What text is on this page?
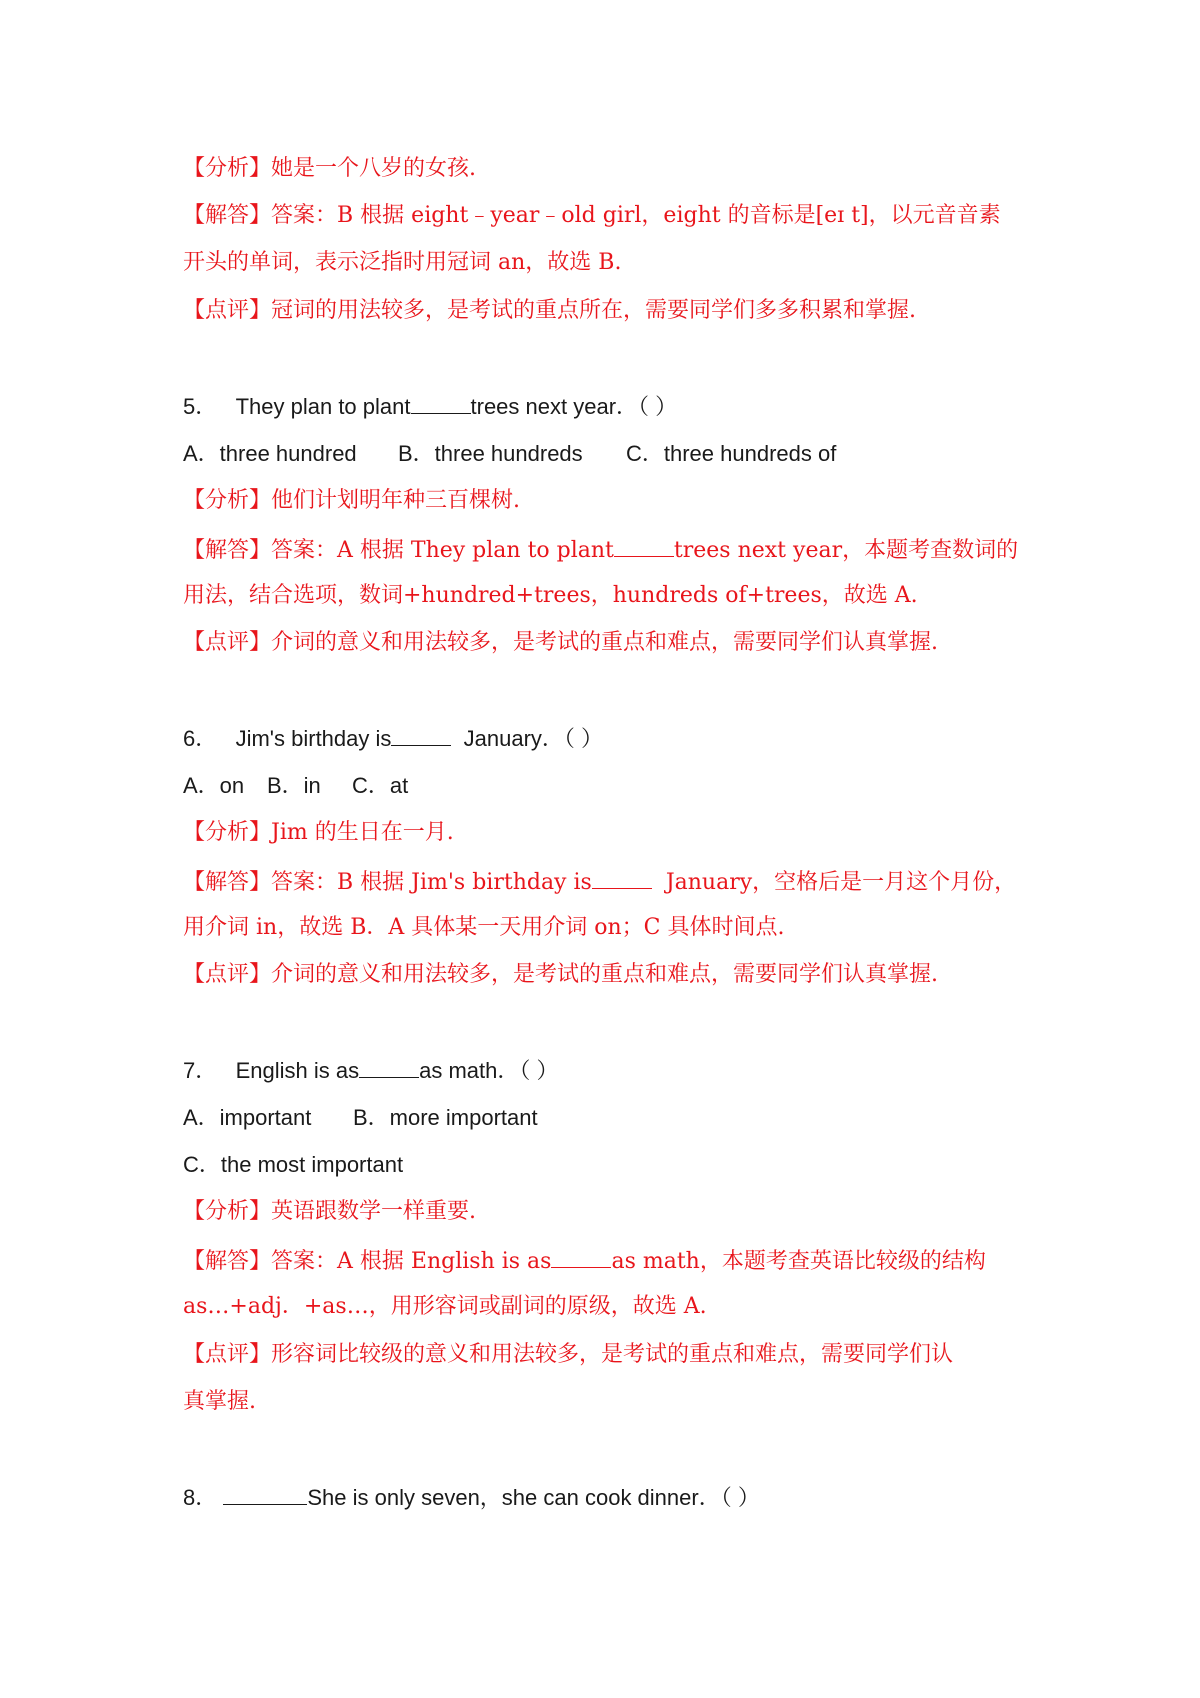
【分析】她是一个八岁的女孩.
【解答】答案：B 根据 eight﹣year﹣old girl，eight 的音标是[eɪ t]，以元音音素
开头的单词，表示泛指时用冠词 an，故选 B.
【点评】冠词的用法较多，是考试的重点所在，需要同学们多多积累和掌握.
5． They plan to plant	trees next year．（ ）
A．three hundred B．three hundreds C．three hundreds of
【分析】他们计划明年种三百棵树.
【解答】答案：A 根据 They plan to plant	trees next year，本题考查数词的
用法，结合选项，数词+hundred+trees，hundreds of+trees，故选 A.
【点评】介词的意义和用法较多，是考试的重点和难点，需要同学们认真掌握.
6． Jim's birthday is	January．（ ）
A．on B．in C．at
【分析】Jim 的生日在一月.
【解答】答案：B 根据 Jim's birthday is	January，空格后是一月这个月份，
用介词 in，故选 B．A 具体某一天用介词 on；C 具体时间点.
【点评】介词的意义和用法较多，是考试的重点和难点，需要同学们认真掌握.
7． English is as	as math．（ ）
A．important B．more important
C．the most important
【分析】英语跟数学一样重要.
【解答】答案：A 根据 English is as	as math，本题考查英语比较级的结构
as…+adj．+as…，用形容词或副词的原级，故选 A.
【点评】形容词比较级的意义和用法较多，是考试的重点和难点，需要同学们认
真掌握.
8．	She is only seven，she can cook dinner．（ ）
